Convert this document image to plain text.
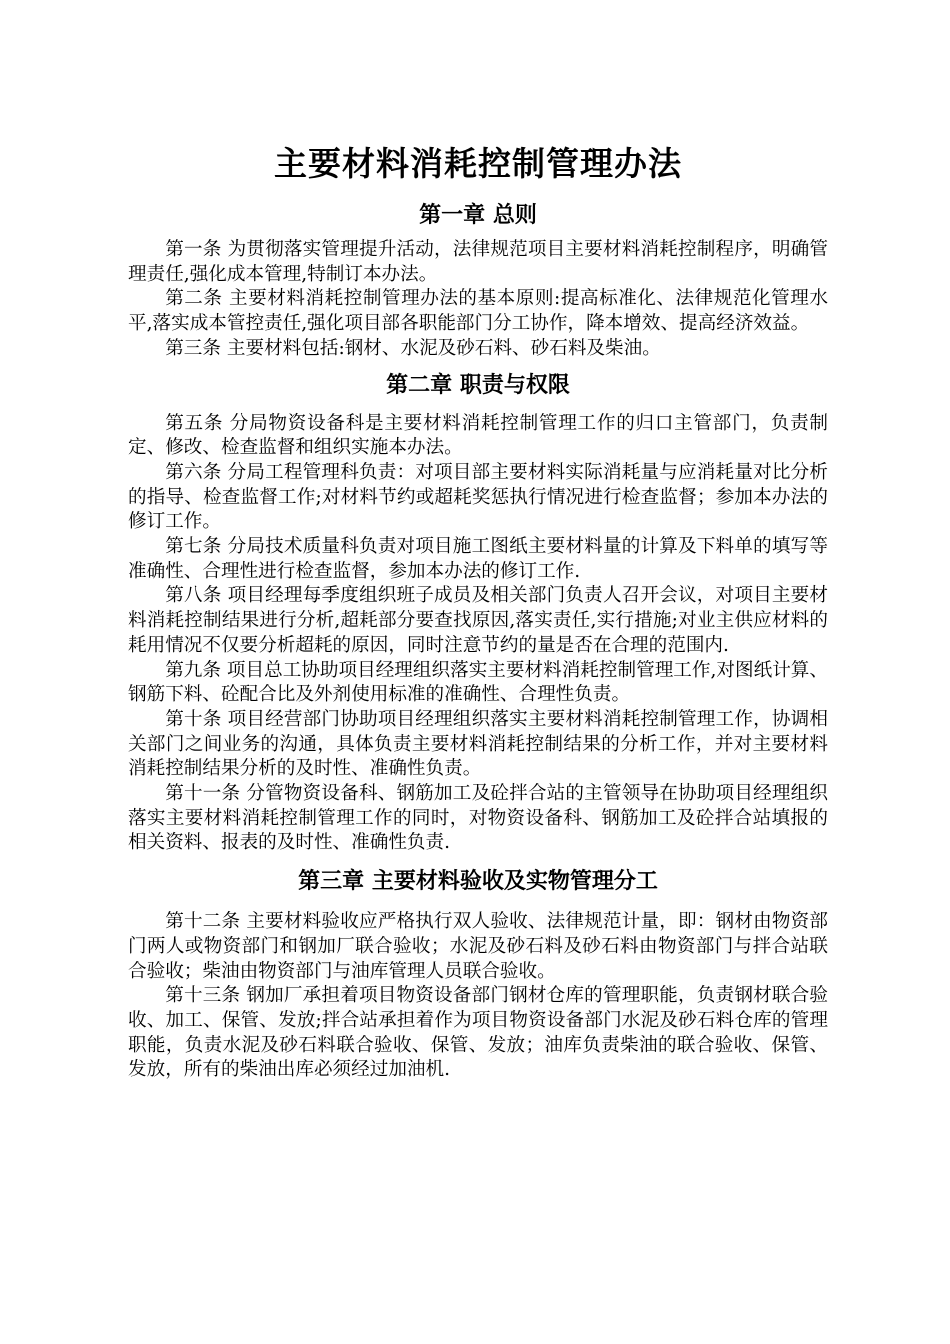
主要材料消耗控制管理办法
第一章 总则

第一条 为贯彻落实管理提升活动，法律规范项目主要材料消耗控制程序，明确管理责任,强化成本管理,特制订本办法。

第二条 主要材料消耗控制管理办法的基本原则:提高标准化、法律规范化管理水平,落实成本管控责任,强化项目部各职能部门分工协作，降本增效、提高经济效益。

第三条 主要材料包括:钢材、水泥及砂石料、砂石料及柴油。

第二章 职责与权限

第五条 分局物资设备科是主要材料消耗控制管理工作的归口主管部门，负责制定、修改、检查监督和组织实施本办法。

第六条 分局工程管理科负责：对项目部主要材料实际消耗量与应消耗量对比分析的指导、检查监督工作;对材料节约或超耗奖惩执行情况进行检查监督；参加本办法的修订工作。

第七条 分局技术质量科负责对项目施工图纸主要材料量的计算及下料单的填写等准确性、合理性进行检查监督，参加本办法的修订工作.

第八条 项目经理每季度组织班子成员及相关部门负责人召开会议，对项目主要材料消耗控制结果进行分析,超耗部分要查找原因,落实责任,实行措施;对业主供应材料的耗用情况不仅要分析超耗的原因，同时注意节约的量是否在合理的范围内.

第九条 项目总工协助项目经理组织落实主要材料消耗控制管理工作,对图纸计算、钢筋下料、砼配合比及外剂使用标准的准确性、合理性负责。

第十条 项目经营部门协助项目经理组织落实主要材料消耗控制管理工作，协调相关部门之间业务的沟通，具体负责主要材料消耗控制结果的分析工作，并对主要材料消耗控制结果分析的及时性、准确性负责。

第十一条 分管物资设备科、钢筋加工及砼拌合站的主管领导在协助项目经理组织落实主要材料消耗控制管理工作的同时，对物资设备科、钢筋加工及砼拌合站填报的相关资料、报表的及时性、准确性负责.

第三章 主要材料验收及实物管理分工

第十二条 主要材料验收应严格执行双人验收、法律规范计量，即：钢材由物资部门两人或物资部门和钢加厂联合验收；水泥及砂石料及砂石料由物资部门与拌合站联合验收；柴油由物资部门与油库管理人员联合验收。

第十三条 钢加厂承担着项目物资设备部门钢材仓库的管理职能，负责钢材联合验收、加工、保管、发放;拌合站承担着作为项目物资设备部门水泥及砂石料仓库的管理职能，负责水泥及砂石料联合验收、保管、发放；油库负责柴油的联合验收、保管、发放，所有的柴油出库必须经过加油机.
